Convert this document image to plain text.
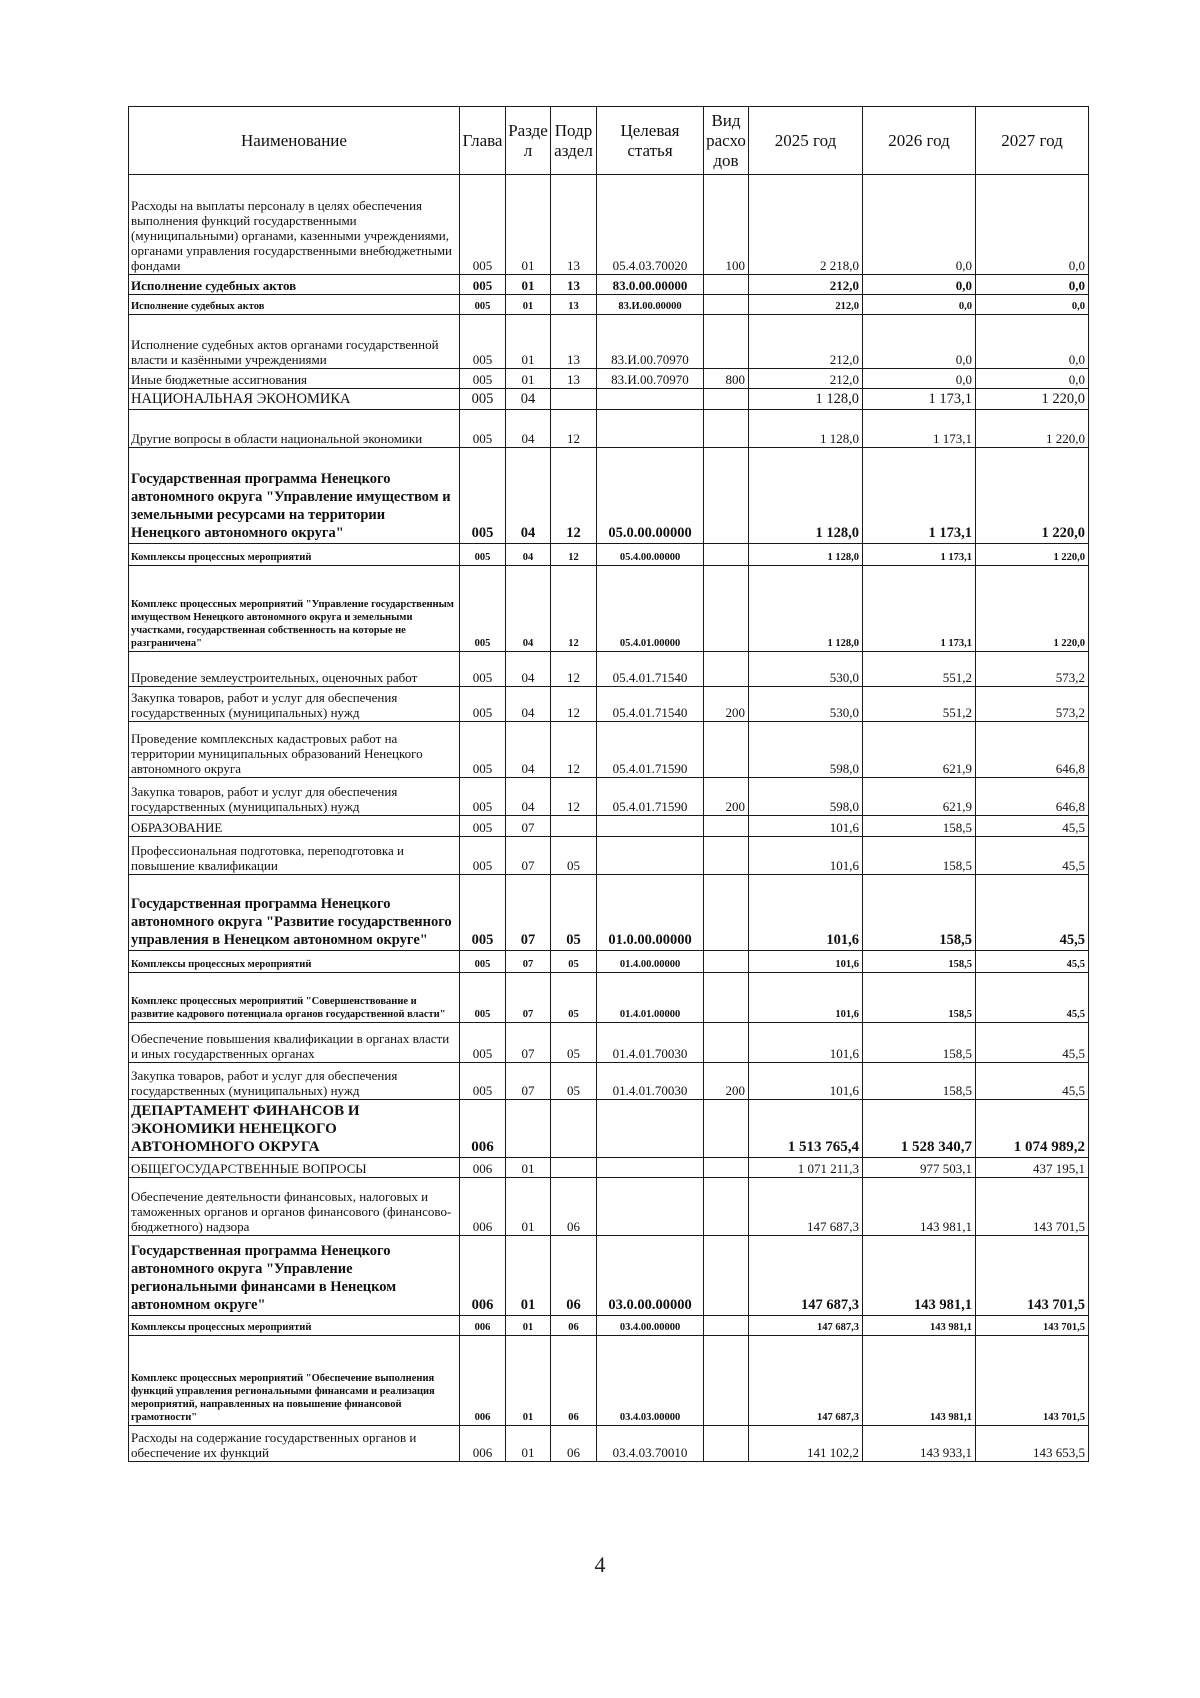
Наименование	Глава	Раздел	Подраздел	Целевая статья	Вид расходов	2025 год	2026 год	2027 год
Расходы на выплаты персоналу в целях обеспечения выполнения функций государственными (муниципальными) органами, казенными учреждениями, органами управления государственными внебюджетными фондами	005	01	13	05.4.03.70020	100	2 218,0	0,0	0,0
Исполнение судебных актов	005	01	13	83.0.00.00000		212,0	0,0	0,0
Исполнение судебных актов	005	01	13	83.И.00.00000		212,0	0,0	0,0
Исполнение судебных актов органами государственной власти и казёнными учреждениями	005	01	13	83.И.00.70970		212,0	0,0	0,0
Иные бюджетные ассигнования	005	01	13	83.И.00.70970	800	212,0	0,0	0,0
НАЦИОНАЛЬНАЯ ЭКОНОМИКА	005	04				1 128,0	1 173,1	1 220,0
Другие вопросы в области национальной экономики	005	04	12			1 128,0	1 173,1	1 220,0
Государственная программа Ненецкого автономного округа "Управление имуществом и земельными ресурсами на территории Ненецкого автономного округа"	005	04	12	05.0.00.00000		1 128,0	1 173,1	1 220,0
Комплексы процессных мероприятий	005	04	12	05.4.00.00000		1 128,0	1 173,1	1 220,0
Комплекс процессных мероприятий "Управление государственным имуществом Ненецкого автономного округа и земельными участками, государственная собственность на которые не разграничена"	005	04	12	05.4.01.00000		1 128,0	1 173,1	1 220,0
Проведение землеустроительных, оценочных работ	005	04	12	05.4.01.71540		530,0	551,2	573,2
Закупка товаров, работ и услуг для обеспечения государственных (муниципальных) нужд	005	04	12	05.4.01.71540	200	530,0	551,2	573,2
Проведение комплексных кадастровых работ на территории муниципальных образований Ненецкого автономного округа	005	04	12	05.4.01.71590		598,0	621,9	646,8
Закупка товаров, работ и услуг для обеспечения государственных (муниципальных) нужд	005	04	12	05.4.01.71590	200	598,0	621,9	646,8
ОБРАЗОВАНИЕ	005	07				101,6	158,5	45,5
Профессиональная подготовка, переподготовка и повышение квалификации	005	07	05			101,6	158,5	45,5
Государственная программа Ненецкого автономного округа "Развитие государственного управления в Ненецком автономном округе"	005	07	05	01.0.00.00000		101,6	158,5	45,5
Комплексы процессных мероприятий	005	07	05	01.4.00.00000		101,6	158,5	45,5
Комплекс процессных мероприятий "Совершенствование и развитие кадрового потенциала органов государственной власти"	005	07	05	01.4.01.00000		101,6	158,5	45,5
Обеспечение повышения квалификации в органах власти и иных государственных органах	005	07	05	01.4.01.70030		101,6	158,5	45,5
Закупка товаров, работ и услуг для обеспечения государственных (муниципальных) нужд	005	07	05	01.4.01.70030	200	101,6	158,5	45,5
ДЕПАРТАМЕНТ ФИНАНСОВ И ЭКОНОМИКИ НЕНЕЦКОГО АВТОНОМНОГО ОКРУГА	006					1 513 765,4	1 528 340,7	1 074 989,2
ОБЩЕГОСУДАРСТВЕННЫЕ ВОПРОСЫ	006	01				1 071 211,3	977 503,1	437 195,1
Обеспечение деятельности финансовых, налоговых и таможенных органов и органов финансового (финансово-бюджетного) надзора	006	01	06			147 687,3	143 981,1	143 701,5
Государственная программа Ненецкого автономного округа "Управление региональными финансами в Ненецком автономном округе"	006	01	06	03.0.00.00000		147 687,3	143 981,1	143 701,5
Комплексы процессных мероприятий	006	01	06	03.4.00.00000		147 687,3	143 981,1	143 701,5
Комплекс процессных мероприятий "Обеспечение выполнения функций управления региональными финансами и реализация мероприятий, направленных на повышение финансовой грамотности"	006	01	06	03.4.03.00000		147 687,3	143 981,1	143 701,5
Расходы на содержание государственных органов и обеспечение их функций	006	01	06	03.4.03.70010		141 102,2	143 933,1	143 653,5
4
